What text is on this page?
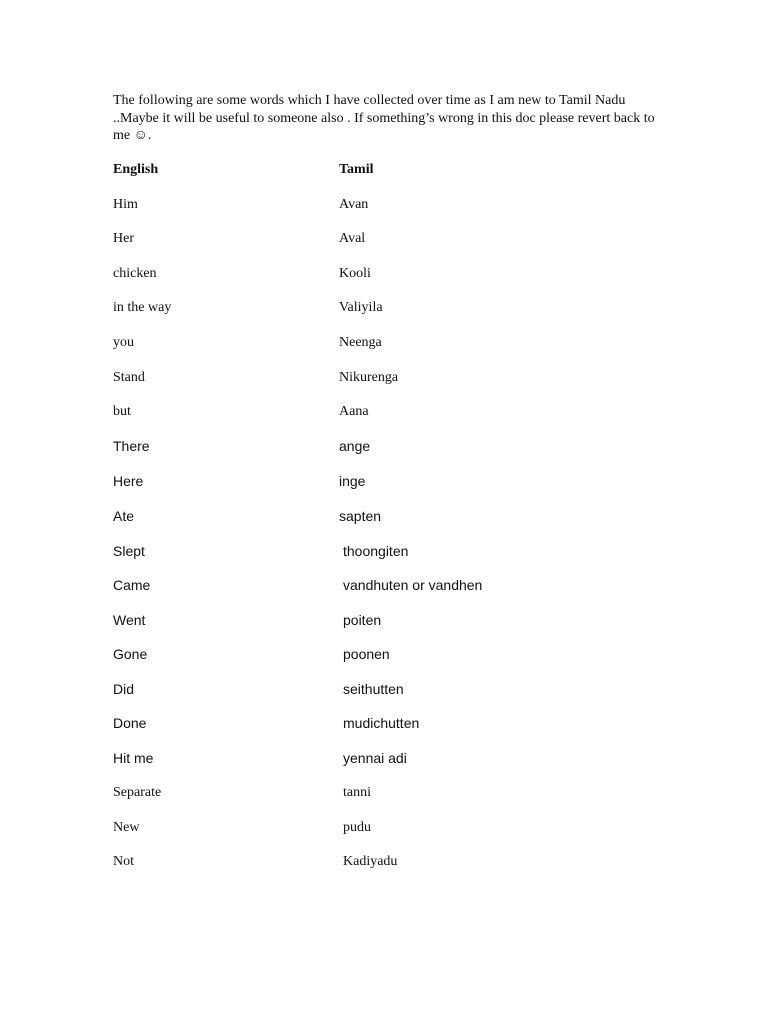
The following are some words which I have collected over time as I am new to Tamil Nadu ..Maybe it will be useful to someone also . If something’s wrong in this doc please revert back to me ☺.
English	Tamil
Him	Avan
Her	Aval
chicken	Kooli
in the way	Valiyila
you	Neenga
Stand	Nikurenga
but	Aana
There	ange
Here	inge
Ate	sapten
Slept	thoongiten
Came	vandhuten or vandhen
Went	poiten
Gone	poonen
Did	seithutten
Done	mudichutten
Hit me	yennai adi
Separate	tanni
New	pudu
Not	Kadiyadu
